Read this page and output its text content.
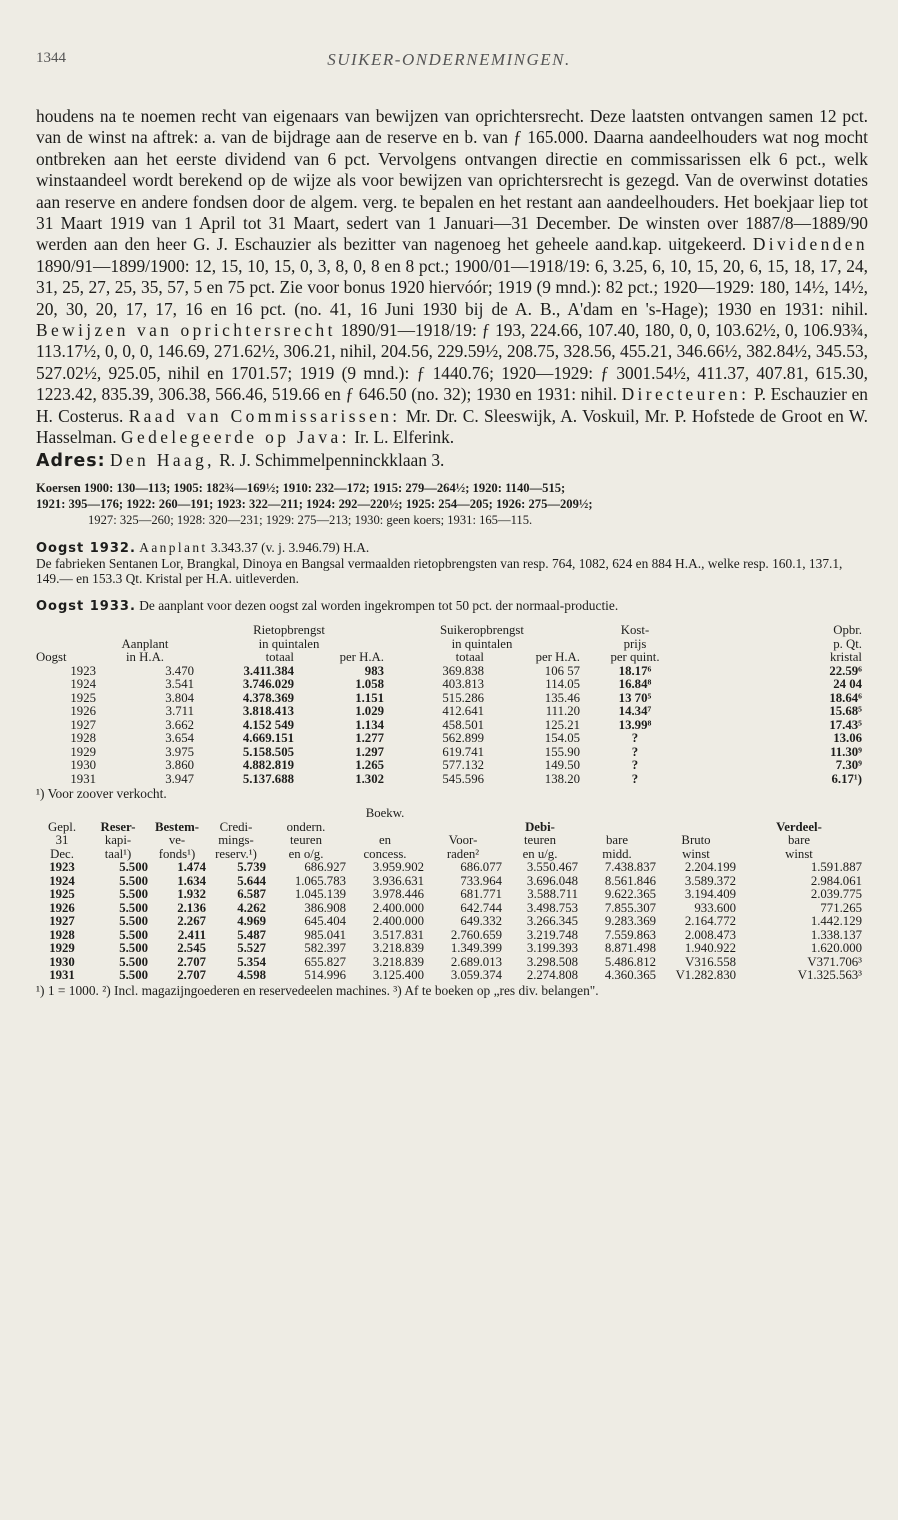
1344	SUIKER-ONDERNEMINGEN.

houdens na te noemen recht van eigenaars van bewijzen van oprichtersrecht. Deze laatsten ontvangen samen 12 pct. van de winst na aftrek: a. van de bijdrage aan de reserve en b. van ƒ 165.000. Daarna aandeelhouders wat nog mocht ontbreken aan het eerste dividend van 6 pct. Vervolgens ontvangen directie en commissarissen elk 6 pct., welk winstaandeel wordt berekend op de wijze als voor bewijzen van oprichtersrecht is gezegd. Van de overwinst dotaties aan reserve en andere fondsen door de algem. verg. te bepalen en het restant aan aandeelhouders. Het boekjaar liep tot 31 Maart 1919 van 1 April tot 31 Maart, sedert van 1 Januari—31 December. De winsten over 1887/8—1889/90 werden aan den heer G. J. Eschauzier als bezitter van nagenoeg het geheele aand.kap. uitgekeerd. Dividenden 1890/91—1899/1900: 12, 15, 10, 15, 0, 3, 8, 0, 8 en 8 pct.; 1900/01—1918/19: 6, 3.25, 6, 10, 15, 20, 6, 15, 18, 17, 24, 31, 25, 27, 25, 35, 57, 5 en 75 pct. Zie voor bonus 1920 hiervóór; 1919 (9 mnd.): 82 pct.; 1920—1929: 180, 14½, 14½, 20, 30, 20, 17, 17, 16 en 16 pct. (no. 41, 16 Juni 1930 bij de A. B., A'dam en 's-Hage); 1930 en 1931: nihil. Bewijzen van oprichtersrecht 1890/91—1918/19: ƒ 193, 224.66, 107.40, 180, 0, 0, 103.62½, 0, 106.93¾, 113.17½, 0, 0, 0, 146.69, 271.62½, 306.21, nihil, 204.56, 229.59½, 208.75, 328.56, 455.21, 346.66½, 382.84½, 345.53, 527.02½, 925.05, nihil en 1701.57; 1919 (9 mnd.): ƒ 1440.76; 1920—1929: ƒ 3001.54½, 411.37, 407.81, 615.30, 1223.42, 835.39, 306.38, 566.46, 519.66 en ƒ 646.50 (no. 32); 1930 en 1931: nihil. Directeuren: P. Eschauzier en H. Costerus. Raad van Commissarissen: Mr. Dr. C. Sleeswijk, A. Voskuil, Mr. P. Hofstede de Groot en W. Hasselman. Gedelegeerde op Java: Ir. L. Elferink.

Adres: Den Haag, R. J. Schimmelpenninckklaan 3.

Koersen 1900: 130—113; 1905: 182¾—169½; 1910: 232—172; 1915: 279—264½; 1920: 1140—515;
1921: 395—176; 1922: 260—191; 1923: 322—211; 1924: 292—220½; 1925: 254—205; 1926: 275—209½;
1927: 325—260; 1928: 320—231; 1929: 275—213; 1930: geen koers; 1931: 165—115.

Oogst 1932. Aanplant 3.343.37 (v. j. 3.946.79) H.A.
De fabrieken Sentanen Lor, Brangkal, Dinoya en Bangsal vermaalden rietopbrengsten van resp. 764, 1082, 624 en 884 H.A., welke resp. 160.1, 137.1, 149.— en 153.3 Qt. Kristal per H.A. uitleverden.

Oogst 1933. De aanplant voor dezen oogst zal worden ingekrompen tot 50 pct. der normaal-productie.

		Rietopbrengst		Suikeropbrengst		Kost-	Opbr.
	Aanplant	in quintalen		in quintalen		prijs	p. Qt.
Oogst	in H.A.	totaal	per H.A.	totaal	per H.A.	per quint.	kristal
1923	3.470	3.411.384	983	369.838	106 57	18.17⁶	22.59⁶
1924	3.541	3.746.029	1.058	403.813	114.05	16.84⁸	24 04
1925	3.804	4.378.369	1.151	515.286	135.46	13 70⁵	18.64⁶
1926	3.711	3.818.413	1.029	412.641	111.20	14.34⁷	15.68⁵
1927	3.662	4.152 549	1.134	458.501	125.21	13.99⁸	17.43⁵
1928	3.654	4.669.151	1.277	562.899	154.05	?	13.06
1929	3.975	5.158.505	1.297	619.741	155.90	?	11.30⁹
1930	3.860	4.882.819	1.265	577.132	149.50	?	7.30⁹
1931	3.947	5.137.688	1.302	545.596	138.20	?	6.17¹)

¹) Voor zoover verkocht.

					Boekw.					
Gepl.	Reser-	Bestem-	Credi-	ondern.			Debi-			Verdeel-
31	kapi-	ve-	mings-	teuren	en	Voor-	teuren	bare	Bruto	bare
Dec.	taal¹)	fonds¹)	reserv.¹)	en o/g.	concess.	raden²	en u/g.	midd.	winst	winst
1923	5.500	1.474	5.739	686.927	3.959.902	686.077	3.550.467	7.438.837	2.204.199	1.591.887
1924	5.500	1.634	5.644	1.065.783	3.936.631	733.964	3.696.048	8.561.846	3.589.372	2.984.061
1925	5.500	1.932	6.587	1.045.139	3.978.446	681.771	3.588.711	9.622.365	3.194.409	2.039.775
1926	5.500	2.136	4.262	386.908	2.400.000	642.744	3.498.753	7.855.307	933.600	771.265
1927	5.500	2.267	4.969	645.404	2.400.000	649.332	3.266.345	9.283.369	2.164.772	1.442.129
1928	5.500	2.411	5.487	985.041	3.517.831	2.760.659	3.219.748	7.559.863	2.008.473	1.338.137
1929	5.500	2.545	5.527	582.397	3.218.839	1.349.399	3.199.393	8.871.498	1.940.922	1.620.000
1930	5.500	2.707	5.354	655.827	3.218.839	2.689.013	3.298.508	5.486.812	V316.558	V371.706³
1931	5.500	2.707	4.598	514.996	3.125.400	3.059.374	2.274.808	4.360.365	V1.282.830	V1.325.563³

¹) 1 = 1000. ²) Incl. magazijngoederen en reservedeelen machines. ³) Af te boeken op „res div. belangen".
